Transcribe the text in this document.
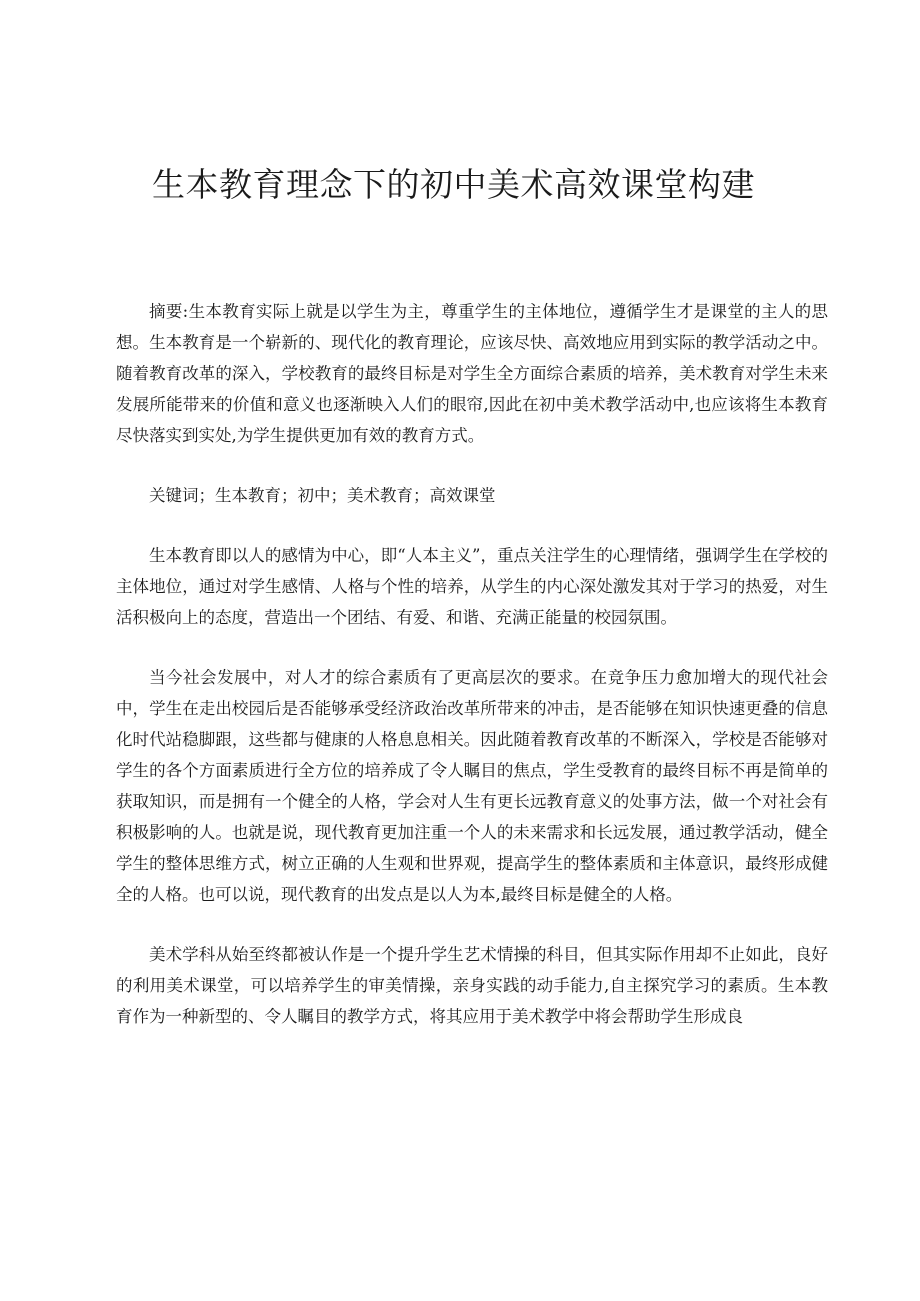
生本教育理念下的初中美术高效课堂构建

摘要:生本教育实际上就是以学生为主，尊重学生的主体地位，遵循学生才是课堂的主人的思想。生本教育是一个崭新的、现代化的教育理论，应该尽快、高效地应用到实际的教学活动之中。随着教育改革的深入，学校教育的最终目标是对学生全方面综合素质的培养，美术教育对学生未来发展所能带来的价值和意义也逐渐映入人们的眼帘,因此在初中美术教学活动中,也应该将生本教育尽快落实到实处,为学生提供更加有效的教育方式。

关键词；生本教育；初中；美术教育；高效课堂

生本教育即以人的感情为中心，即“人本主义”，重点关注学生的心理情绪，强调学生在学校的主体地位，通过对学生感情、人格与个性的培养，从学生的内心深处激发其对于学习的热爱，对生活积极向上的态度，营造出一个团结、有爱、和谐、充满正能量的校园氛围。

当今社会发展中，对人才的综合素质有了更高层次的要求。在竞争压力愈加增大的现代社会中，学生在走出校园后是否能够承受经济政治改革所带来的冲击，是否能够在知识快速更叠的信息化时代站稳脚跟，这些都与健康的人格息息相关。因此随着教育改革的不断深入，学校是否能够对学生的各个方面素质进行全方位的培养成了令人瞩目的焦点，学生受教育的最终目标不再是简单的获取知识，而是拥有一个健全的人格，学会对人生有更长远教育意义的处事方法，做一个对社会有积极影响的人。也就是说，现代教育更加注重一个人的未来需求和长远发展，通过教学活动，健全学生的整体思维方式，树立正确的人生观和世界观，提高学生的整体素质和主体意识，最终形成健全的人格。也可以说，现代教育的出发点是以人为本,最终目标是健全的人格。

美术学科从始至终都被认作是一个提升学生艺术情操的科目，但其实际作用却不止如此，良好的利用美术课堂，可以培养学生的审美情操，亲身实践的动手能力,自主探究学习的素质。生本教育作为一种新型的、令人瞩目的教学方式，将其应用于美术教学中将会帮助学生形成良
